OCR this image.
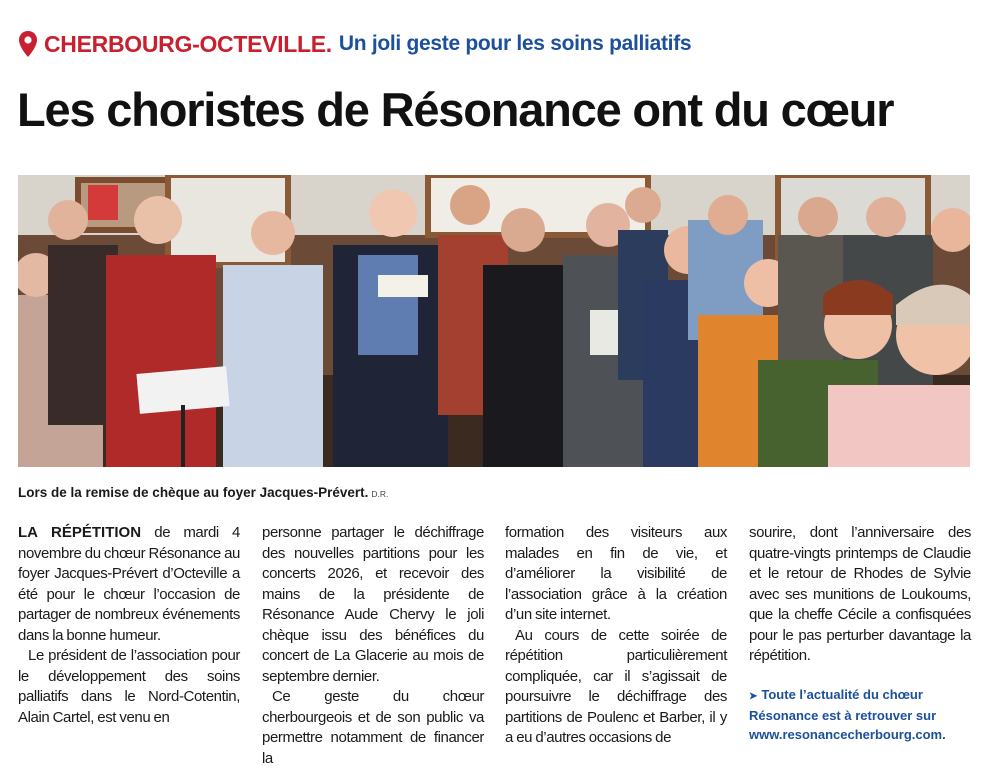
CHERBOURG-OCTEVILLE. Un joli geste pour les soins palliatifs
Les choristes de Résonance ont du cœur
Lors de la remise de chèque au foyer Jacques-Prévert. D.R.

LA RÉPÉTITION de mardi 4 novembre du chœur Résonance au foyer Jacques-Prévert d’Octeville a été pour le chœur l’occasion de partager de nombreux événements dans la bonne humeur.

Le président de l’association pour le développement des soins palliatifs dans le Nord-Cotentin, Alain Cartel, est venu en

personne partager le déchiffrage des nouvelles partitions pour les concerts 2026, et recevoir des mains de la présidente de Résonance Aude Chervy le joli chèque issu des bénéfices du concert de La Glacerie au mois de septembre dernier.

Ce geste du chœur cherbourgeois et de son public va permettre notamment de financer la

formation des visiteurs aux malades en fin de vie, et d’améliorer la visibilité de l’association grâce à la création d’un site internet.

Au cours de cette soirée de répétition particulièrement compliquée, car il s’agissait de poursuivre le déchiffrage des partitions de Poulenc et Barber, il y a eu d’autres occasions de

sourire, dont l’anniversaire des quatre-vingts printemps de Claudie et le retour de Rhodes de Sylvie avec ses munitions de Loukoums, que la cheffe Cécile a confisquées pour le pas perturber davantage la répétition.

➤ Toute l’actualité du chœur Résonance est à retrouver sur www.resonancecherbourg.com.
